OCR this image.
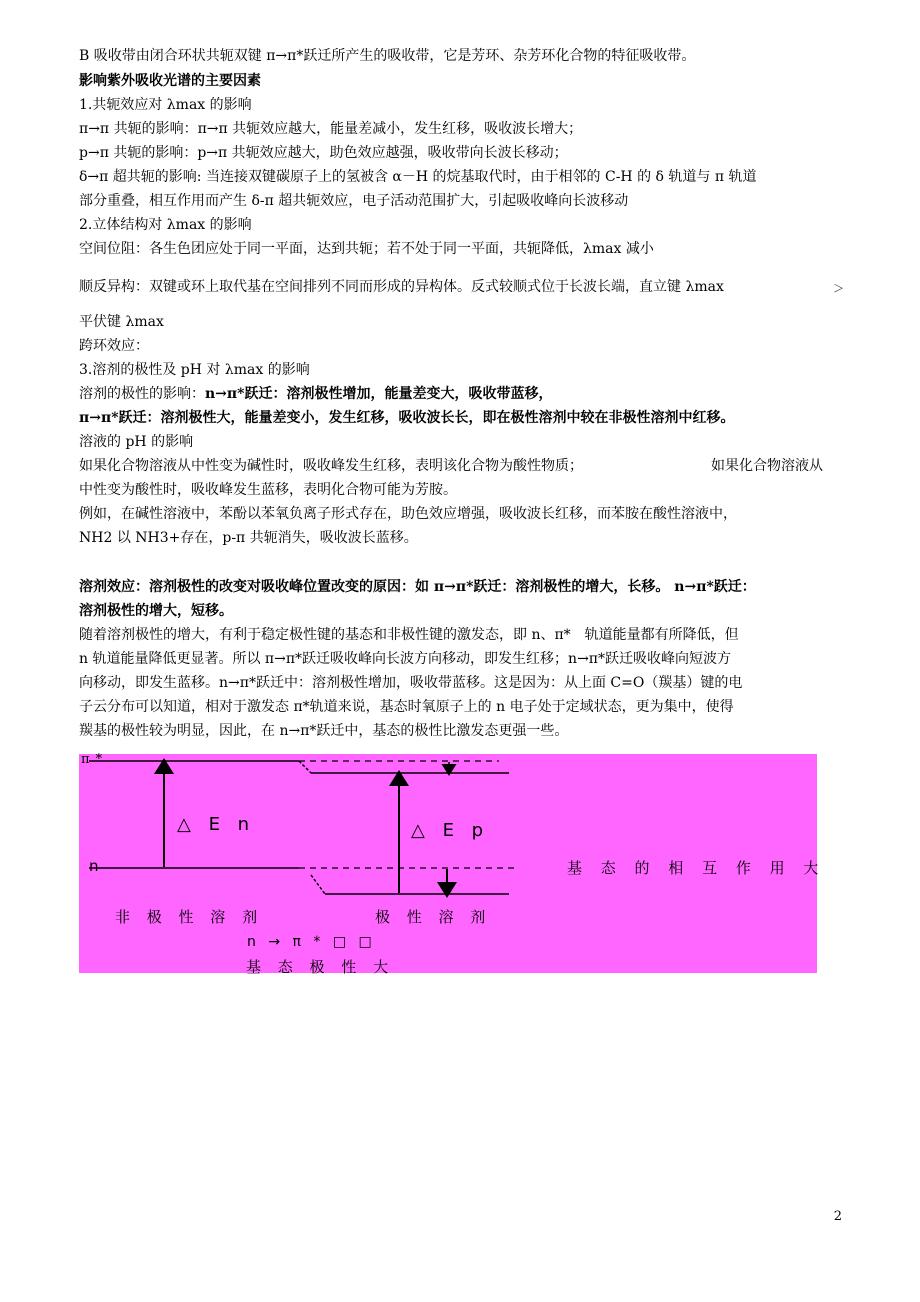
B 吸收带由闭合环状共轭双键 π→π*跃迁所产生的吸收带，它是芳环、杂芳环化合物的特征吸收带。
影响紫外吸收光谱的主要因素
1.共轭效应对 λmax 的影响
π→π 共轭的影响：π→π 共轭效应越大，能量差减小，发生红移，吸收波长增大；
p→π 共轭的影响：p→π 共轭效应越大，助色效应越强，吸收带向长波长移动；
δ→π 超共轭的影响: 当连接双键碳原子上的氢被含 α－H 的烷基取代时，由于相邻的 C-H 的 δ 轨道与 π 轨道
部分重叠，相互作用而产生 δ-π 超共轭效应，电子活动范围扩大，引起吸收峰向长波移动
2.立体结构对 λmax 的影响
空间位阻：各生色团应处于同一平面，达到共轭；若不处于同一平面，共轭降低，λmax 减小
顺反异构：双键或环上取代基在空间排列不同而形成的异构体。反式较顺式位于长波长端，直立键 λmax	＞
平伏键 λmax
跨环效应：
3.溶剂的极性及 pH 对 λmax 的影响
溶剂的极性的影响：n→π*跃迁：溶剂极性增加，能量差变大，吸收带蓝移，
π→π*跃迁：溶剂极性大，能量差变小，发生红移，吸收波长长，即在极性溶剂中较在非极性溶剂中红移。
溶液的 pH 的影响
如果化合物溶液从中性变为碱性时，吸收峰发生红移，表明该化合物为酸性物质；	如果化合物溶液从
中性变为酸性时，吸收峰发生蓝移，表明化合物可能为芳胺。
例如，在碱性溶液中，苯酚以苯氧负离子形式存在，助色效应增强，吸收波长红移，而苯胺在酸性溶液中，
NH2 以 NH3+存在，p-π 共轭消失，吸收波长蓝移。
溶剂效应：溶剂极性的改变对吸收峰位置改变的原因：如 π→π*跃迁：溶剂极性的增大，长移。 n→π*跃迁：
溶剂极性的增大，短移。
随着溶剂极性的增大，有利于稳定极性键的基态和非极性键的激发态，即 n、π*　轨道能量都有所降低，但
n 轨道能量降低更显著。所以 π→π*跃迁吸收峰向长波方向移动，即发生红移；n→π*跃迁吸收峰向短波方
向移动，即发生蓝移。n→π*跃迁中：溶剂极性增加，吸收带蓝移。这是因为：从上面 C=O（羰基）键的电
子云分布可以知道，相对于激发态 π*轨道来说，基态时氧原子上的 n 电子处于定域状态，更为集中，使得
羰基的极性较为明显，因此，在 n→π*跃迁中，基态的极性比激发态更强一些。
π *
n
△ E n	△ E p
基 态 的 相 互 作 用 大
非 极 性 溶 剂	极 性 溶 剂
n → π * □ □
基 态 极 性 大
2
